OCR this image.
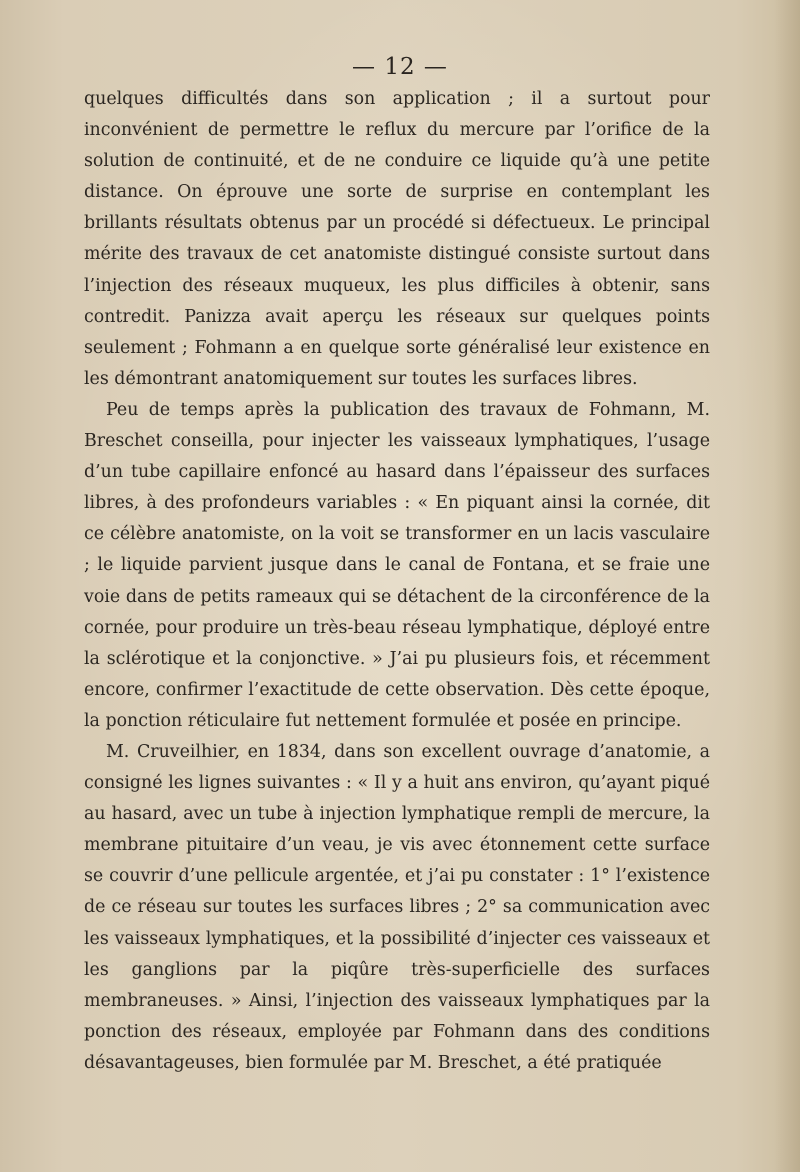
— 12 —

quelques difficultés dans son application ; il a surtout pour inconvénient de permettre le reflux du mercure par l’orifice de la solution de continuité, et de ne conduire ce liquide qu’à une petite distance. On éprouve une sorte de surprise en contemplant les brillants résultats obtenus par un procédé si défectueux. Le principal mérite des travaux de cet anatomiste distingué consiste surtout dans l’injection des réseaux muqueux, les plus difficiles à obtenir, sans contredit. Panizza avait aperçu les réseaux sur quelques points seulement ; Fohmann a en quelque sorte généralisé leur existence en les démontrant anatomiquement sur toutes les surfaces libres.

Peu de temps après la publication des travaux de Fohmann, M. Breschet conseilla, pour injecter les vaisseaux lymphatiques, l’usage d’un tube capillaire enfoncé au hasard dans l’épaisseur des surfaces libres, à des profondeurs variables : « En piquant ainsi la cornée, dit ce célèbre anatomiste, on la voit se transformer en un lacis vasculaire ; le liquide parvient jusque dans le canal de Fontana, et se fraie une voie dans de petits rameaux qui se détachent de la circonférence de la cornée, pour produire un très-beau réseau lymphatique, déployé entre la sclérotique et la conjonctive. » J’ai pu plusieurs fois, et récemment encore, confirmer l’exactitude de cette observation. Dès cette époque, la ponction réticulaire fut nettement formulée et posée en principe.

M. Cruveilhier, en 1834, dans son excellent ouvrage d’anatomie, a consigné les lignes suivantes : « Il y a huit ans environ, qu’ayant piqué au hasard, avec un tube à injection lymphatique rempli de mercure, la membrane pituitaire d’un veau, je vis avec étonnement cette surface se couvrir d’une pellicule argentée, et j’ai pu constater : 1° l’existence de ce réseau sur toutes les surfaces libres ; 2° sa communication avec les vaisseaux lymphatiques, et la possibilité d’injecter ces vaisseaux et les ganglions par la piqûre très-superficielle des surfaces membraneuses. » Ainsi, l’injection des vaisseaux lymphatiques par la ponction des réseaux, employée par Fohmann dans des conditions désavantageuses, bien formulée par M. Breschet, a été pratiquée
